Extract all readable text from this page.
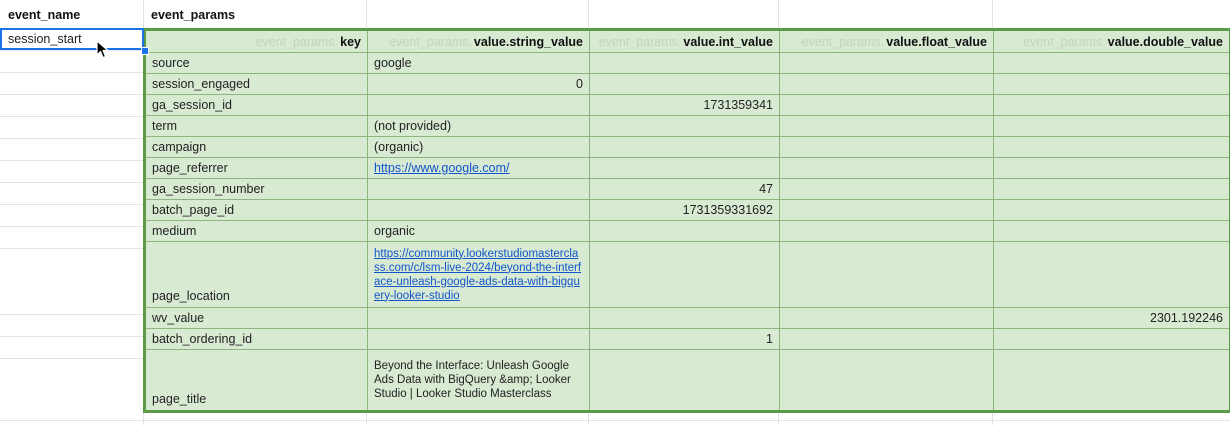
event_name	event_params
event_params. key	event_params. value.string_value	event_params. value.int_value	event_params. value.float_value	event_params. value.double_value
source	google			
session_engaged	0			
ga_session_id		1731359341		
term	(not provided)			
campaign	(organic)			
page_referrer	https://www.google.com/			
ga_session_number		47		
batch_page_id		1731359331692		
medium	organic			
page_location	https://community.lookerstudiomasterclass.com/c/lsm-live-2024/beyond-the-interface-unleash-google-ads-data-with-bigquery-looker-studio			
wv_value				2301.192246
batch_ordering_id		1		
page_title	Beyond the Interface: Unleash Google Ads Data with BigQuery &amp; Looker Studio | Looker Studio Masterclass			
session_start
